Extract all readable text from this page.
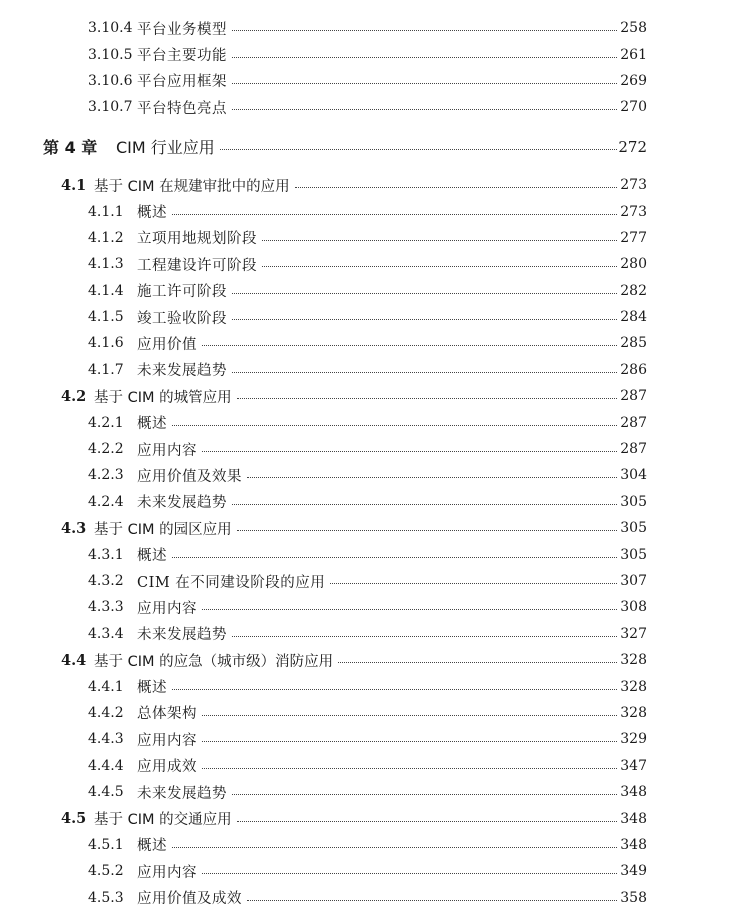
3.10.4 平台业务模型	258
3.10.5 平台主要功能	261
3.10.6 平台应用框架	269
3.10.7 平台特色亮点	270
第 4 章 CIM 行业应用	272
4.1 基于 CIM 在规建审批中的应用	273
4.1.1 概述	273
4.1.2 立项用地规划阶段	277
4.1.3 工程建设许可阶段	280
4.1.4 施工许可阶段	282
4.1.5 竣工验收阶段	284
4.1.6 应用价值	285
4.1.7 未来发展趋势	286
4.2 基于 CIM 的城管应用	287
4.2.1 概述	287
4.2.2 应用内容	287
4.2.3 应用价值及效果	304
4.2.4 未来发展趋势	305
4.3 基于 CIM 的园区应用	305
4.3.1 概述	305
4.3.2 CIM 在不同建设阶段的应用	307
4.3.3 应用内容	308
4.3.4 未来发展趋势	327
4.4 基于 CIM 的应急（城市级）消防应用	328
4.4.1 概述	328
4.4.2 总体架构	328
4.4.3 应用内容	329
4.4.4 应用成效	347
4.4.5 未来发展趋势	348
4.5 基于 CIM 的交通应用	348
4.5.1 概述	348
4.5.2 应用内容	349
4.5.3 应用价值及成效	358
